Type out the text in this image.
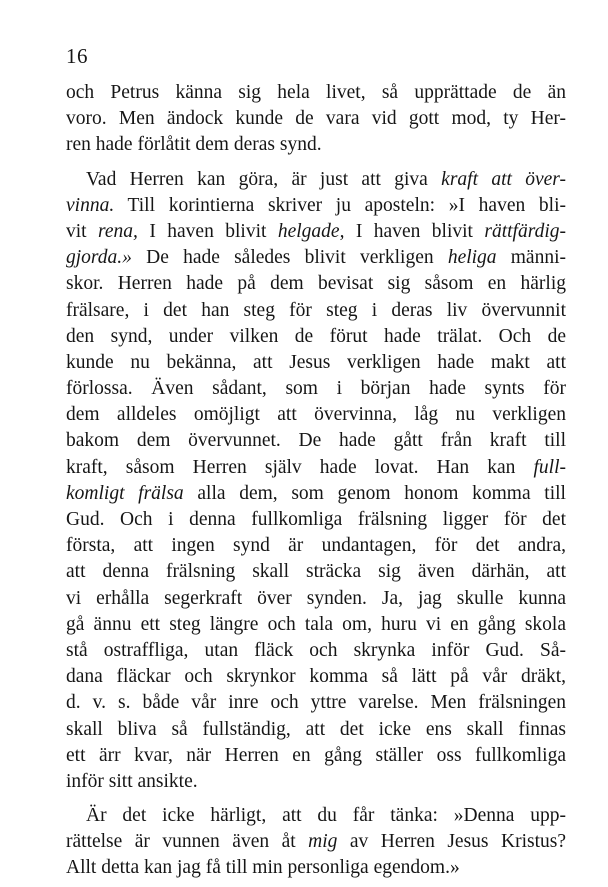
16
och Petrus känna sig hela livet, så upprättade de än
voro. Men ändock kunde de vara vid gott mod, ty Her-
ren hade förlåtit dem deras synd.
Vad Herren kan göra, är just att giva kraft att över-
vinna. Till korintierna skriver ju aposteln: »I haven bli-
vit rena, I haven blivit helgade, I haven blivit rättfärdig-
gjorda.» De hade således blivit verkligen heliga männi-
skor. Herren hade på dem bevisat sig såsom en härlig
frälsare, i det han steg för steg i deras liv övervunnit
den synd, under vilken de förut hade trälat. Och de
kunde nu bekänna, att Jesus verkligen hade makt att
förlossa. Även sådant, som i början hade synts för
dem alldeles omöjligt att övervinna, låg nu verkligen
bakom dem övervunnet. De hade gått från kraft till
kraft, såsom Herren själv hade lovat. Han kan full-
komligt frälsa alla dem, som genom honom komma till
Gud. Och i denna fullkomliga frälsning ligger för det
första, att ingen synd är undantagen, för det andra,
att denna frälsning skall sträcka sig även därhän, att
vi erhålla segerkraft över synden. Ja, jag skulle kunna
gå ännu ett steg längre och tala om, huru vi en gång skola
stå ostraffliga, utan fläck och skrynka inför Gud. Så-
dana fläckar och skrynkor komma så lätt på vår dräkt,
d. v. s. både vår inre och yttre varelse. Men frälsningen
skall bliva så fullständig, att det icke ens skall finnas
ett ärr kvar, när Herren en gång ställer oss fullkomliga
inför sitt ansikte.
Är det icke härligt, att du får tänka: »Denna upp-
rättelse är vunnen även åt mig av Herren Jesus Kristus?
Allt detta kan jag få till min personliga egendom.»
